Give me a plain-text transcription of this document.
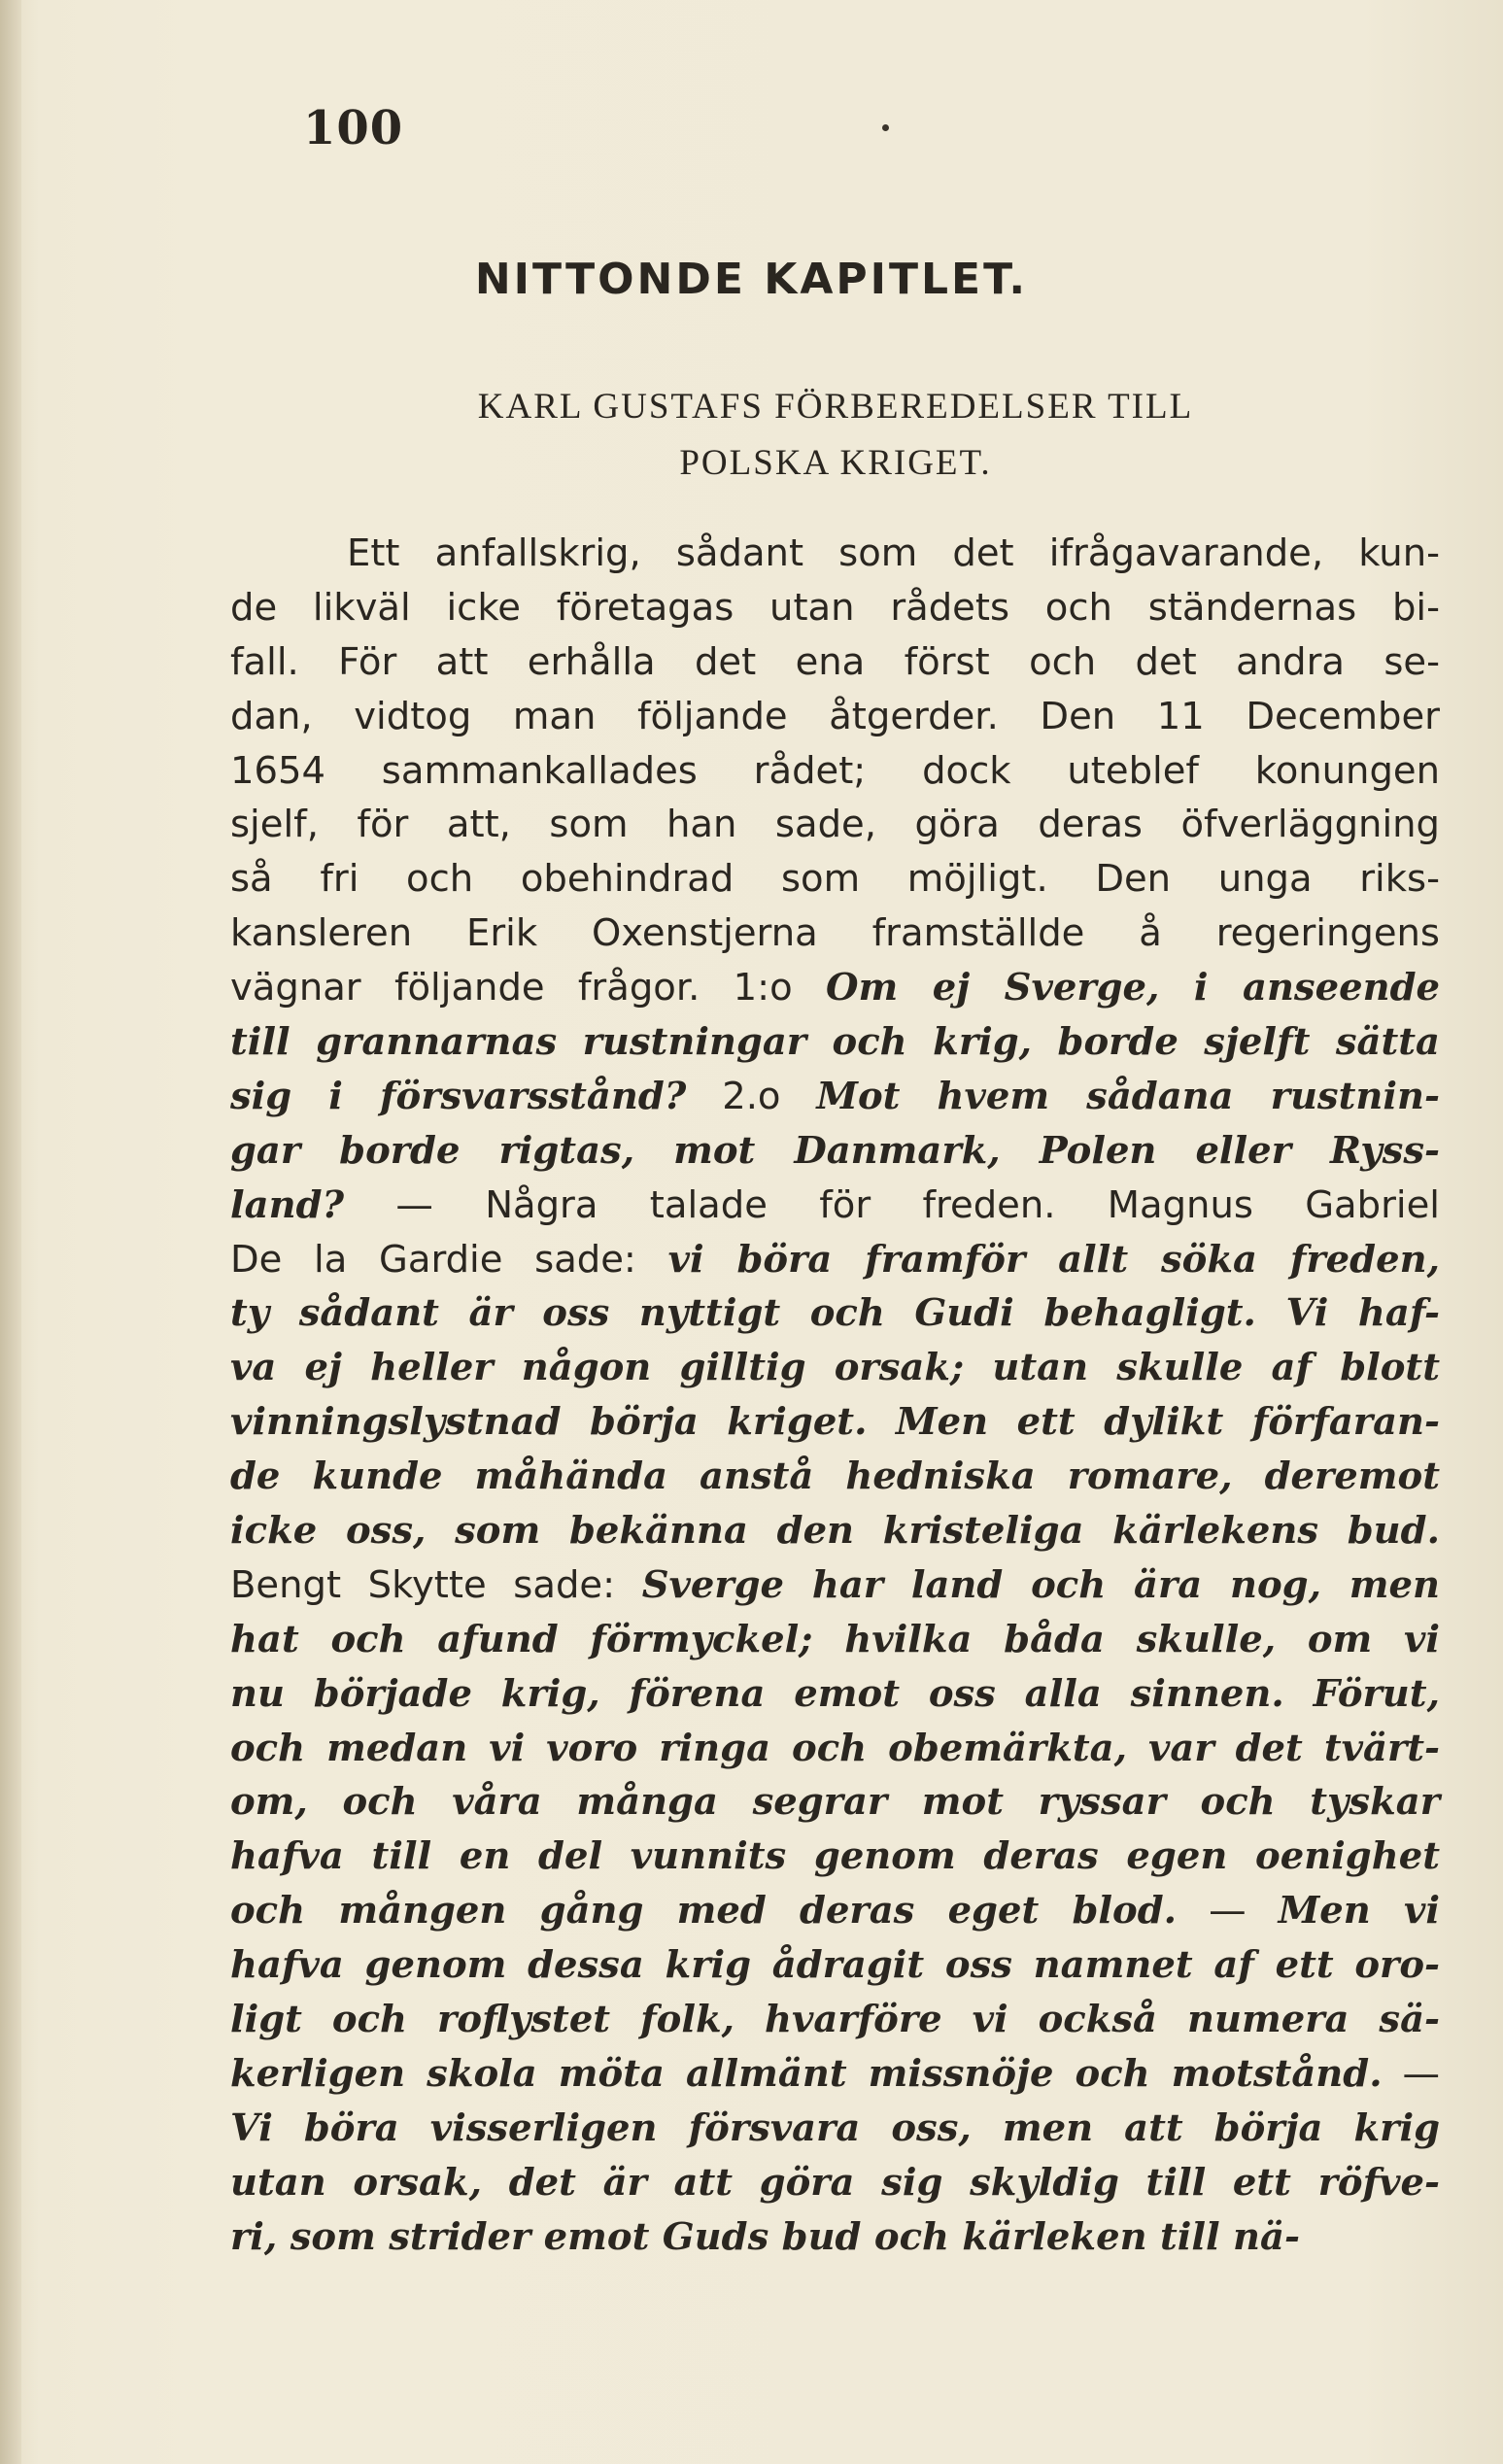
100
NITTONDE KAPITLET.
KARL GUSTAFS FÖRBEREDELSER TILL
POLSKA KRIGET.
Ett anfallskrig, sådant som det ifrågavarande, kun-
de likväl icke företagas utan rådets och ständernas bi-
fall. För att erhålla det ena först och det andra se-
dan, vidtog man följande åtgerder. Den 11 December
1654 sammankallades rådet; dock uteblef konungen
sjelf, för att, som han sade, göra deras öfverläggning
så fri och obehindrad som möjligt. Den unga riks-
kansleren Erik Oxenstjerna framställde å regeringens
vägnar följande frågor. 1:o Om ej Sverge, i anseende
till grannarnas rustningar och krig, borde sjelft sätta
sig i försvarsstånd? 2.o Mot hvem sådana rustnin-
gar borde rigtas, mot Danmark, Polen eller Ryss-
land? — Några talade för freden. Magnus Gabriel
De la Gardie sade: vi böra framför allt söka freden,
ty sådant är oss nyttigt och Gudi behagligt. Vi haf-
va ej heller någon gilltig orsak; utan skulle af blott
vinningslystnad börja kriget. Men ett dylikt förfaran-
de kunde måhända anstå hedniska romare, deremot
icke oss, som bekänna den kristeliga kärlekens bud.
Bengt Skytte sade: Sverge har land och ära nog, men
hat och afund förmyckel; hvilka båda skulle, om vi
nu började krig, förena emot oss alla sinnen. Förut,
och medan vi voro ringa och obemärkta, var det tvärt-
om, och våra många segrar mot ryssar och tyskar
hafva till en del vunnits genom deras egen oenighet
och mången gång med deras eget blod. — Men vi
hafva genom dessa krig ådragit oss namnet af ett oro-
ligt och roflystet folk, hvarföre vi också numera sä-
kerligen skola möta allmänt missnöje och motstånd. —
Vi böra visserligen försvara oss, men att börja krig
utan orsak, det är att göra sig skyldig till ett röfve-
ri, som strider emot Guds bud och kärleken till nä-
